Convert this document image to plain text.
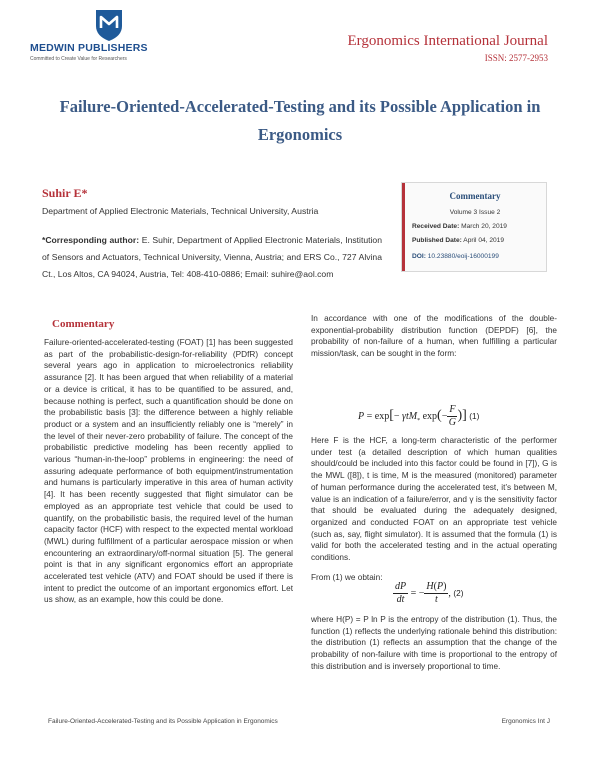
MEDWIN PUBLISHERS
Committed to Create Value for Researchers
Ergonomics International Journal
ISSN: 2577-2953
Failure-Oriented-Accelerated-Testing and its Possible Application in Ergonomics
Suhir E*
Department of Applied Electronic Materials, Technical University, Austria
*Corresponding author: E. Suhir, Department of Applied Electronic Materials, Institution of Sensors and Actuators, Technical University, Vienna, Austria; and ERS Co., 727 Alvina Ct., Los Altos, CA 94024, Austria, Tel: 408-410-0886; Email: suhire@aol.com
Commentary
Volume 3 Issue 2
Received Date: March 20, 2019
Published Date: April 04, 2019
DOI: 10.23880/eoij-16000199
Commentary
Failure-oriented-accelerated-testing (FOAT) [1] has been suggested as part of the probabilistic-design-for-reliability (PDfR) concept several years ago in application to microelectronics reliability assurance [2]. It has been argued that when reliability of a material or a device is critical, it has to be quantified to be assured, and, because nothing is perfect, such a quantification should be done on the probabilistic basis [3]: the difference between a highly reliable product or a system and an insufficiently reliably one is “merely” in the level of their never-zero probability of failure. The concept of the probabilistic predictive modeling has been recently applied to various “human-in-the-loop” problems in engineering: the need of assuring adequate performance of both equipment/instrumentation and humans is particularly imperative in this area of human activity [4]. It has been recently suggested that flight simulator can be employed as an appropriate test vehicle that could be used to quantify, on the probabilistic basis, the required level of the human capacity factor (HCF) with respect to the expected mental workload (MWL) during fulfillment of a particular aerospace mission or when encountering an extraordinary/off-normal situation [5]. The general point is that in any significant ergonomics effort an appropriate accelerated test vehicle (ATV) and FOAT should be used if there is intent to predict the outcome of an important ergonomics effort. Let us show, as an example, how this could be done.
In accordance with one of the modifications of the double-exponential-probability distribution function (DEPDF) [6], the probability of non-failure of a human, when fulfilling a particular mission/task, can be sought in the form:
P = exp[− γtM$_*$ $\exp(- \frac{F}{G}$ )] (1)
Here F is the HCF, a long-term characteristic of the performer under test (a detailed description of which human qualities should/could be included into this factor could be found in [7]), G is the MWL ([8]), t is time, M is the measured (monitored) parameter of human performance during the accelerated test, it’s between M, value is an indication of a failure/error, and γ is the sensitivity factor that should be evaluated during the adequately designed, organized and conducted FOAT on an appropriate test vehicle (such as, say, flight simulator). It is assumed that the formula (1) is valid for both the accelerated testing and in the actual operating conditions.
From (1) we obtain:
$\frac{dP}{dt}$ = − $\frac{H(P)}{t}$ , (2)
where H(P) = P ln P is the entropy of the distribution (1). Thus, the function (1) reflects the underlying rationale behind this distribution: the distribution (1) reflects an assumption that the change of the probability of non-failure with time is proportional to the entropy of this distribution and is inversely proportional to time.
Failure-Oriented-Accelerated-Testing and its Possible Application in Ergonomics	Ergonomics Int J
